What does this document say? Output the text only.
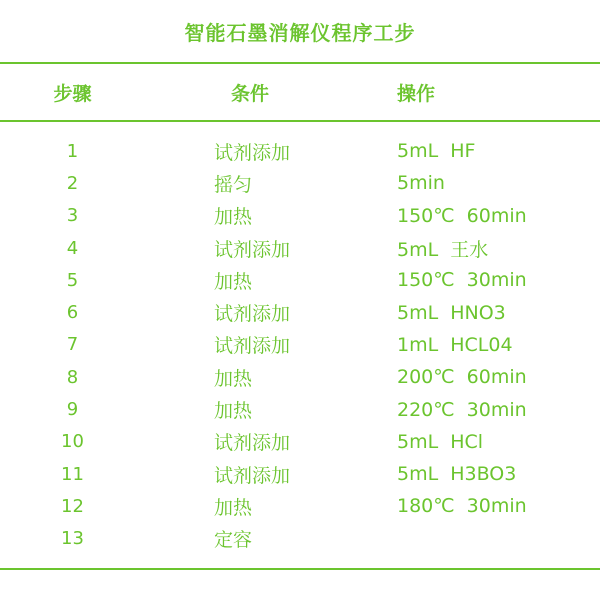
智能石墨消解仪程序工步
步骤	条件	操作
1	试剂添加	5mL HF
2	摇匀	5min
3	加热	150℃ 60min
4	试剂添加	5mL 王水
5	加热	150℃ 30min
6	试剂添加	5mL HNO3
7	试剂添加	1mL HCL04
8	加热	200℃ 60min
9	加热	220℃ 30min
10	试剂添加	5mL HCl
11	试剂添加	5mL H3BO3
12	加热	180℃ 30min
13	定容
